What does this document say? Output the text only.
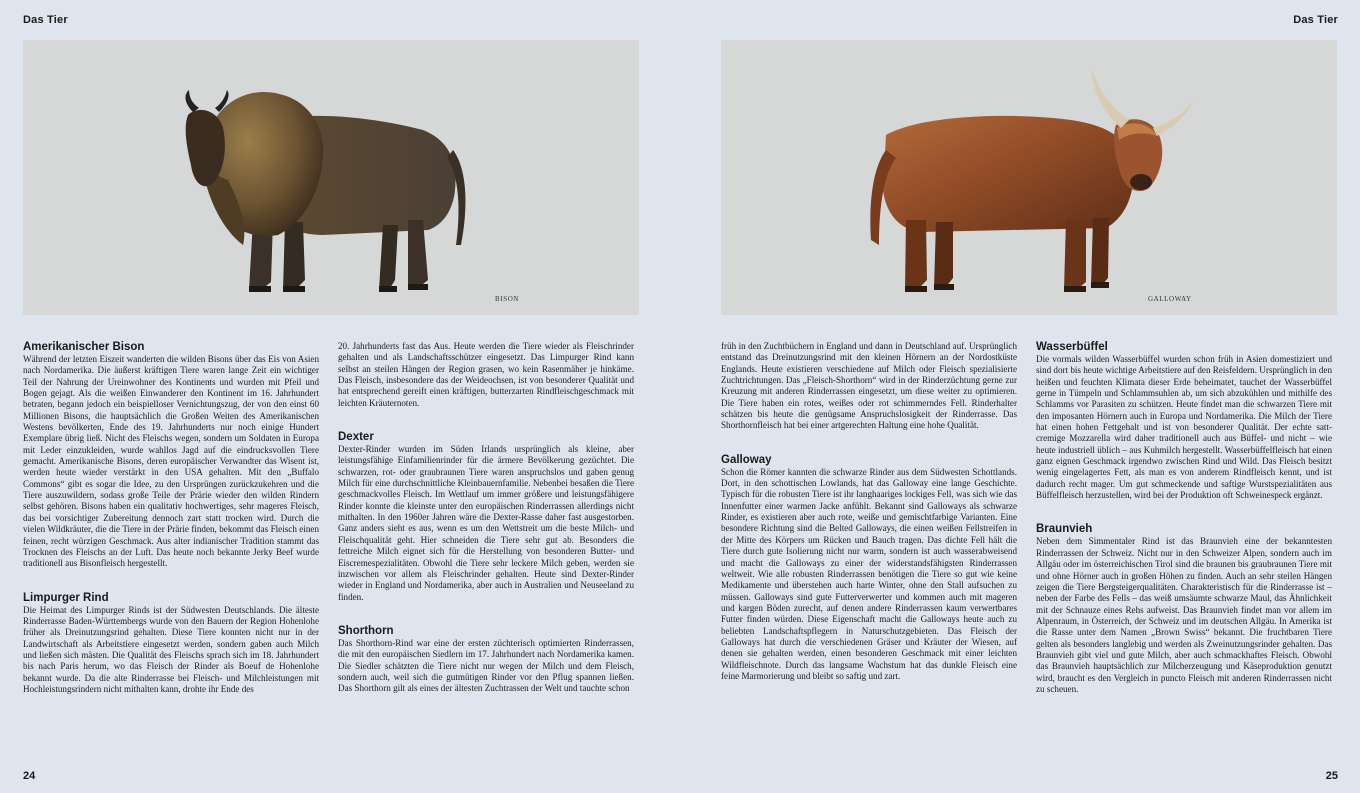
Das Tier
BISON
Amerikanischer Bison

Während der letzten Eiszeit wanderten die wilden Bisons über das Eis von Asien nach Nordamerika. Die äußerst kräftigen Tiere waren lange Zeit ein wichtiger Teil der Nahrung der Ureinwohner des Kontinents und wurden mit Pfeil und Bogen gejagt. Als die weißen Einwanderer den Kontinent im 16. Jahrhundert betraten, begann jedoch ein beispielloser Vernichtungszug, der von den einst 60 Millionen Bisons, die hauptsächlich die Großen Weiten des Amerikanischen Westens bevölkerten, Ende des 19. Jahrhunderts nur noch einige Hundert Exemplare übrig ließ. Nicht des Fleischs wegen, sondern um Soldaten in Europa mit Leder einzukleiden, wurde wahllos Jagd auf die eindrucksvollen Tiere gemacht. Amerikanische Bisons, deren europäischer Verwandter das Wisent ist, werden heute wieder verstärkt in den USA gehalten. Mit den „Buffalo Commons“ gibt es sogar die Idee, zu den Ursprüngen zurückzukehren und die Tiere auszuwildern, sodass große Teile der Prärie wieder den wilden Rindern selbst gehören. Bisons haben ein qualitativ hochwertiges, sehr mageres Fleisch, das bei vorsichtiger Zubereitung dennoch zart statt trocken wird. Durch die vielen Wildkräuter, die die Tiere in der Prärie finden, bekommt das Fleisch einen feinen, recht würzigen Geschmack. Aus alter indianischer Tradition stammt das Trocknen des Fleischs an der Luft. Das heute noch bekannte Jerky Beef wurde traditionell aus Bisonfleisch hergestellt.

Limpurger Rind

Die Heimat des Limpurger Rinds ist der Südwesten Deutschlands. Die älteste Rinderrasse Baden-Württembergs wurde von den Bauern der Region Hohenlohe früher als Dreinutzungsrind gehalten. Diese Tiere konnten nicht nur in der Landwirtschaft als Arbeitstiere eingesetzt werden, sondern gaben auch Milch und ließen sich mästen. Die Qualität des Fleischs sprach sich im 18. Jahrhundert bis nach Paris herum, wo das Fleisch der Rinder als Boeuf de Hohenlohe bekannt wurde. Da die alte Rinderrasse bei Fleisch- und Milchleistungen mit Hochleistungsrindern nicht mithalten kann, drohte ihr Ende des

20. Jahrhunderts fast das Aus. Heute werden die Tiere wieder als Fleischrinder gehalten und als Landschaftsschützer eingesetzt. Das Limpurger Rind kann selbst an steilen Hängen der Region grasen, wo kein Rasenmäher je hinkäme. Das Fleisch, insbesondere das der Weideochsen, ist von besonderer Qualität und hat entsprechend gereift einen kräftigen, butterzarten Rindfleischgeschmack mit leichten Kräuternoten.

Dexter

Dexter-Rinder wurden im Süden Irlands ursprünglich als kleine, aber leistungsfähige Einfamilienrinder für die ärmere Bevölkerung gezüchtet. Die schwarzen, rot- oder graubraunen Tiere waren anspruchslos und gaben genug Milch für eine durchschnittliche Kleinbauernfamilie. Nebenbei besaßen die Tiere geschmackvolles Fleisch. Im Wettlauf um immer größere und leistungsfähigere Rinder konnte die kleinste unter den europäischen Rinderrassen allerdings nicht mithalten. In den 1960er Jahren wäre die Dexter-Rasse daher fast ausgestorben. Ganz anders sieht es aus, wenn es um den Wettstreit um die beste Milch- und Fleischqualität geht. Hier schneiden die Tiere sehr gut ab. Besonders die fettreiche Milch eignet sich für die Herstellung von besonderen Butter- und Eiscremespezialitäten. Obwohl die Tiere sehr leckere Milch geben, werden sie inzwischen vor allem als Fleischrinder gehalten. Heute sind Dexter-Rinder wieder in England und Nordamerika, aber auch in Australien und Neuseeland zu finden.

Shorthorn

Das Shorthorn-Rind war eine der ersten züchterisch optimierten Rinderrassen, die mit den europäischen Siedlern im 17. Jahrhundert nach Nordamerika kamen. Die Siedler schätzten die Tiere nicht nur wegen der Milch und dem Fleisch, sondern auch, weil sich die gutmütigen Rinder vor den Pflug spannen ließen. Das Shorthorn gilt als eines der ältesten Zuchtrassen der Welt und tauchte schon

24
Das Tier
GALLOWAY

früh in den Zuchtbüchern in England und dann in Deutschland auf. Ursprünglich entstand das Dreinutzungsrind mit den kleinen Hörnern an der Nordostküste Englands. Heute existieren verschiedene auf Milch oder Fleisch spezialisierte Zuchtrichtungen. Das „Fleisch-Shorthorn“ wird in der Rinderzüchtung gerne zur Kreuzung mit anderen Rinderrassen eingesetzt, um diese weiter zu optimieren. Die Tiere haben ein rotes, weißes oder rot schimmerndes Fell. Rinderhalter schätzen bis heute die genügsame Anspruchslosigkeit der Rinderrasse. Das Shorthornfleisch hat bei einer artgerechten Haltung eine hohe Qualität.

Galloway

Schon die Römer kannten die schwarze Rinder aus dem Südwesten Schottlands. Dort, in den schottischen Lowlands, hat das Galloway eine lange Geschichte. Typisch für die robusten Tiere ist ihr langhaariges lockiges Fell, was sich wie das Innenfutter einer warmen Jacke anfühlt. Bekannt sind Galloways als schwarze Rinder, es existieren aber auch rote, weiße und gemischtfarbige Varianten. Eine besondere Richtung sind die Belted Galloways, die einen weißen Fellstreifen in der Mitte des Körpers um Rücken und Bauch tragen. Das dichte Fell hält die Tiere durch gute Isolierung nicht nur warm, sondern ist auch wasserabweisend und macht die Galloways zu einer der widerstandsfähigsten Rinderrassen weltweit. Wie alle robusten Rinderrassen benötigen die Tiere so gut wie keine Medikamente und überstehen auch harte Winter, ohne den Stall aufsuchen zu müssen. Galloways sind gute Futterverwerter und kommen auch mit mageren und kargen Böden zurecht, auf denen andere Rinderrassen kaum verwertbares Futter finden würden. Diese Eigenschaft macht die Galloways heute auch zu beliebten Landschaftspflegern in Naturschutzgebieten. Das Fleisch der Galloways hat durch die verschiedenen Gräser und Kräuter der Wiesen, auf denen sie gehalten werden, einen besonderen Geschmack mit einer leichten Wildfleischnote. Durch das langsame Wachstum hat das dunkle Fleisch eine feine Marmorierung und bleibt so saftig und zart.

Wasserbüffel

Die vormals wilden Wasserbüffel wurden schon früh in Asien domestiziert und sind dort bis heute wichtige Arbeitstiere auf den Reisfeldern. Ursprünglich in den heißen und feuchten Klimata dieser Erde beheimatet, tauchet der Wasserbüffel gerne in Tümpeln und Schlammsuhlen ab, um sich abzukühlen und mithilfe des Schlamms vor Parasiten zu schützen. Heute findet man die schwarzen Tiere mit den imposanten Hörnern auch in Europa und Nordamerika. Die Milch der Tiere hat einen hohen Fettgehalt und ist von besonderer Qualität. Der echte satt-cremige Mozzarella wird daher traditionell auch aus Büffel- und nicht – wie heute industriell üblich – aus Kuhmilch hergestellt. Wasserbüffelfleisch hat einen ganz eignen Geschmack irgendwo zwischen Rind und Wild. Das Fleisch besitzt wenig eingelagertes Fett, als man es von anderem Rindfleisch kennt, und ist dadurch recht mager. Um gut schmeckende und saftige Wurstspezialitäten aus Büffelfleisch herzustellen, wird bei der Produktion oft Schweinespeck ergänzt.

Braunvieh

Neben dem Simmentaler Rind ist das Braunvieh eine der bekanntesten Rinderrassen der Schweiz. Nicht nur in den Schweizer Alpen, sondern auch im Allgäu oder im österreichischen Tirol sind die braunen bis graubraunen Tiere mit und ohne Hörner auch in großen Höhen zu finden. Auch an sehr steilen Hängen zeigen die Tiere Bergsteigerqualitäten. Charakteristisch für die Rinderrasse ist – neben der Farbe des Fells – das weiß umsäumte schwarze Maul, das Ähnlichkeit mit der Schnauze eines Rehs aufweist. Das Braunvieh findet man vor allem im Alpenraum, in Österreich, der Schweiz und im deutschen Allgäu. In Amerika ist die Rasse unter dem Namen „Brown Swiss“ bekannt. Die fruchtbaren Tiere gelten als besonders langlebig und werden als Zweinutzungsrinder gehalten. Das Braunvieh gibt viel und gute Milch, aber auch schmackhaftes Fleisch. Obwohl das Braunvieh hauptsächlich zur Milcherzeugung und Käseproduktion genutzt wird, braucht es den Vergleich in puncto Fleisch mit anderen Rinderrassen nicht zu scheuen.

25
